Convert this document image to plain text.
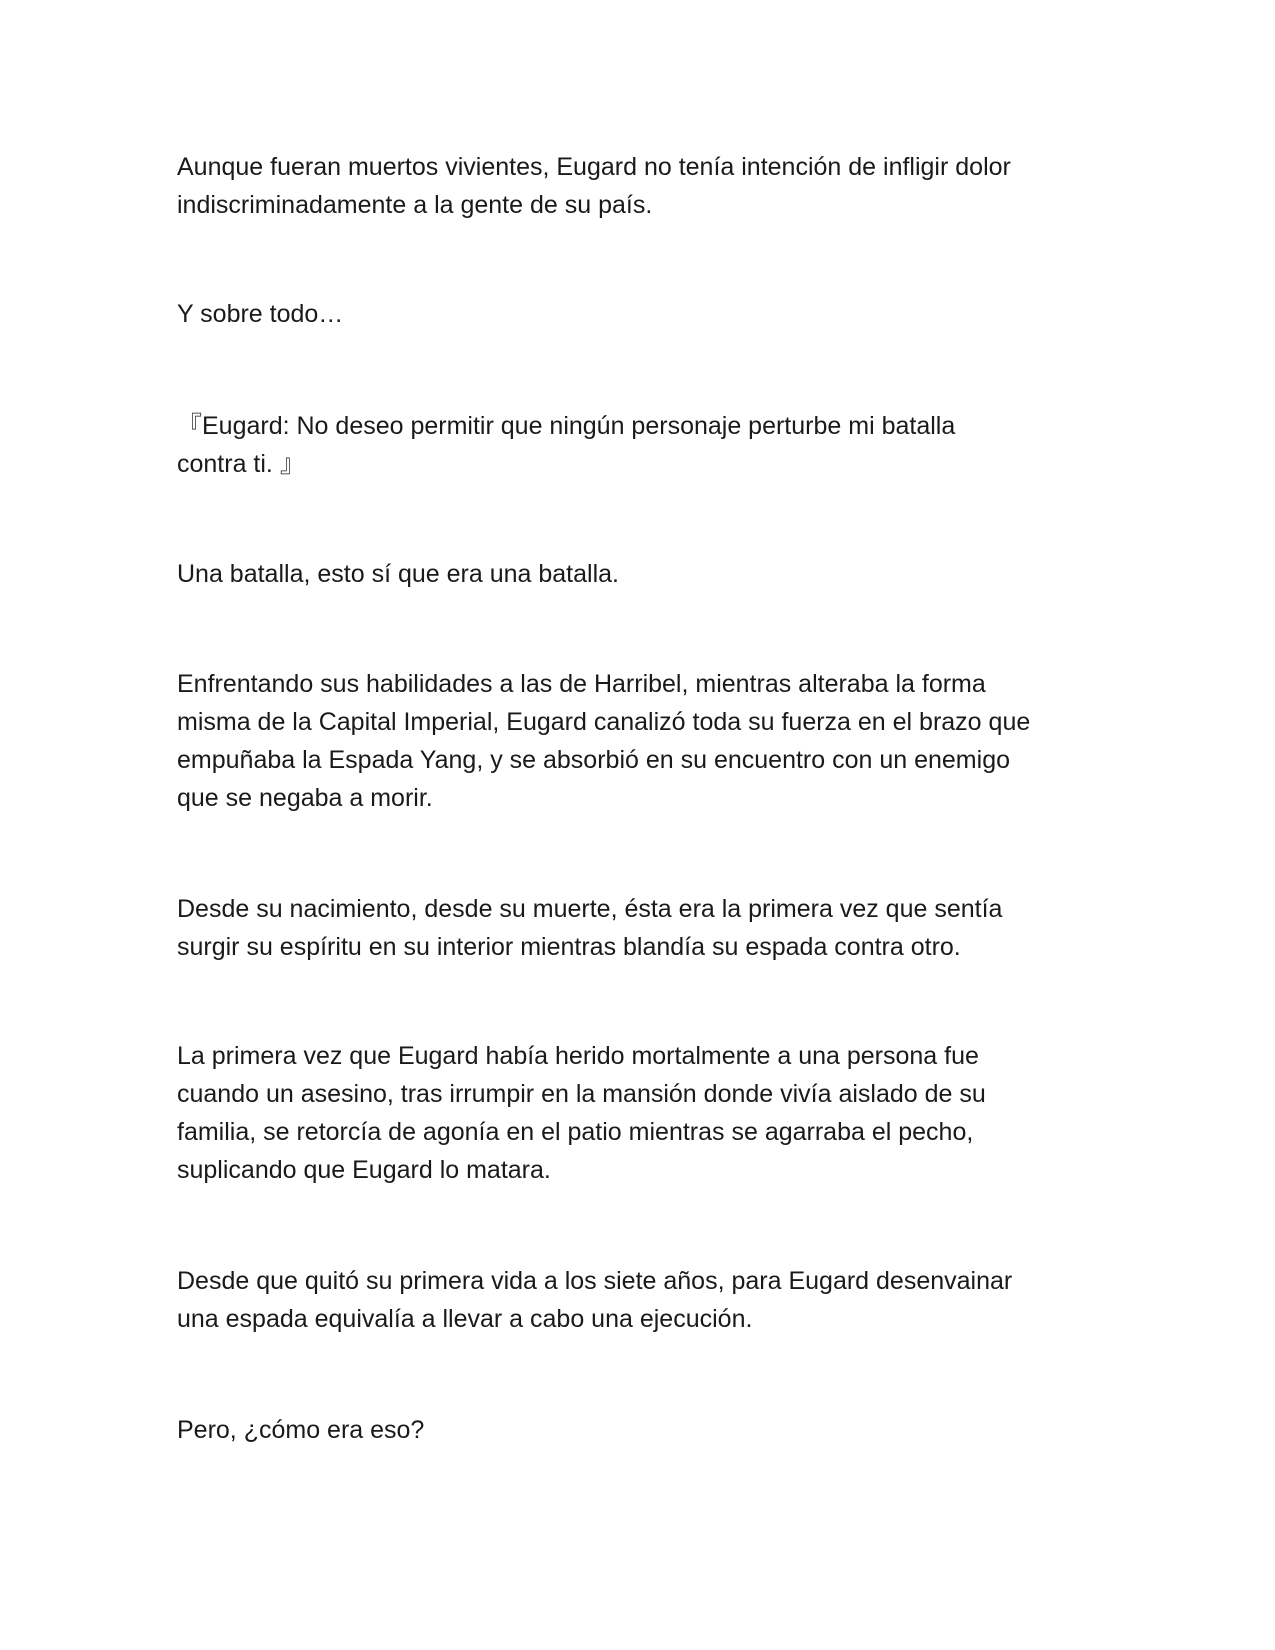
Aunque fueran muertos vivientes, Eugard no tenía intención de infligir dolor
indiscriminadamente a la gente de su país.

Y sobre todo…

『Eugard: No deseo permitir que ningún personaje perturbe mi batalla
contra ti. 』

Una batalla, esto sí que era una batalla.

Enfrentando sus habilidades a las de Harribel, mientras alteraba la forma
misma de la Capital Imperial, Eugard canalizó toda su fuerza en el brazo que
empuñaba la Espada Yang, y se absorbió en su encuentro con un enemigo
que se negaba a morir.

Desde su nacimiento, desde su muerte, ésta era la primera vez que sentía
surgir su espíritu en su interior mientras blandía su espada contra otro.

La primera vez que Eugard había herido mortalmente a una persona fue
cuando un asesino, tras irrumpir en la mansión donde vivía aislado de su
familia, se retorcía de agonía en el patio mientras se agarraba el pecho,
suplicando que Eugard lo matara.

Desde que quitó su primera vida a los siete años, para Eugard desenvainar
una espada equivalía a llevar a cabo una ejecución.

Pero, ¿cómo era eso?
